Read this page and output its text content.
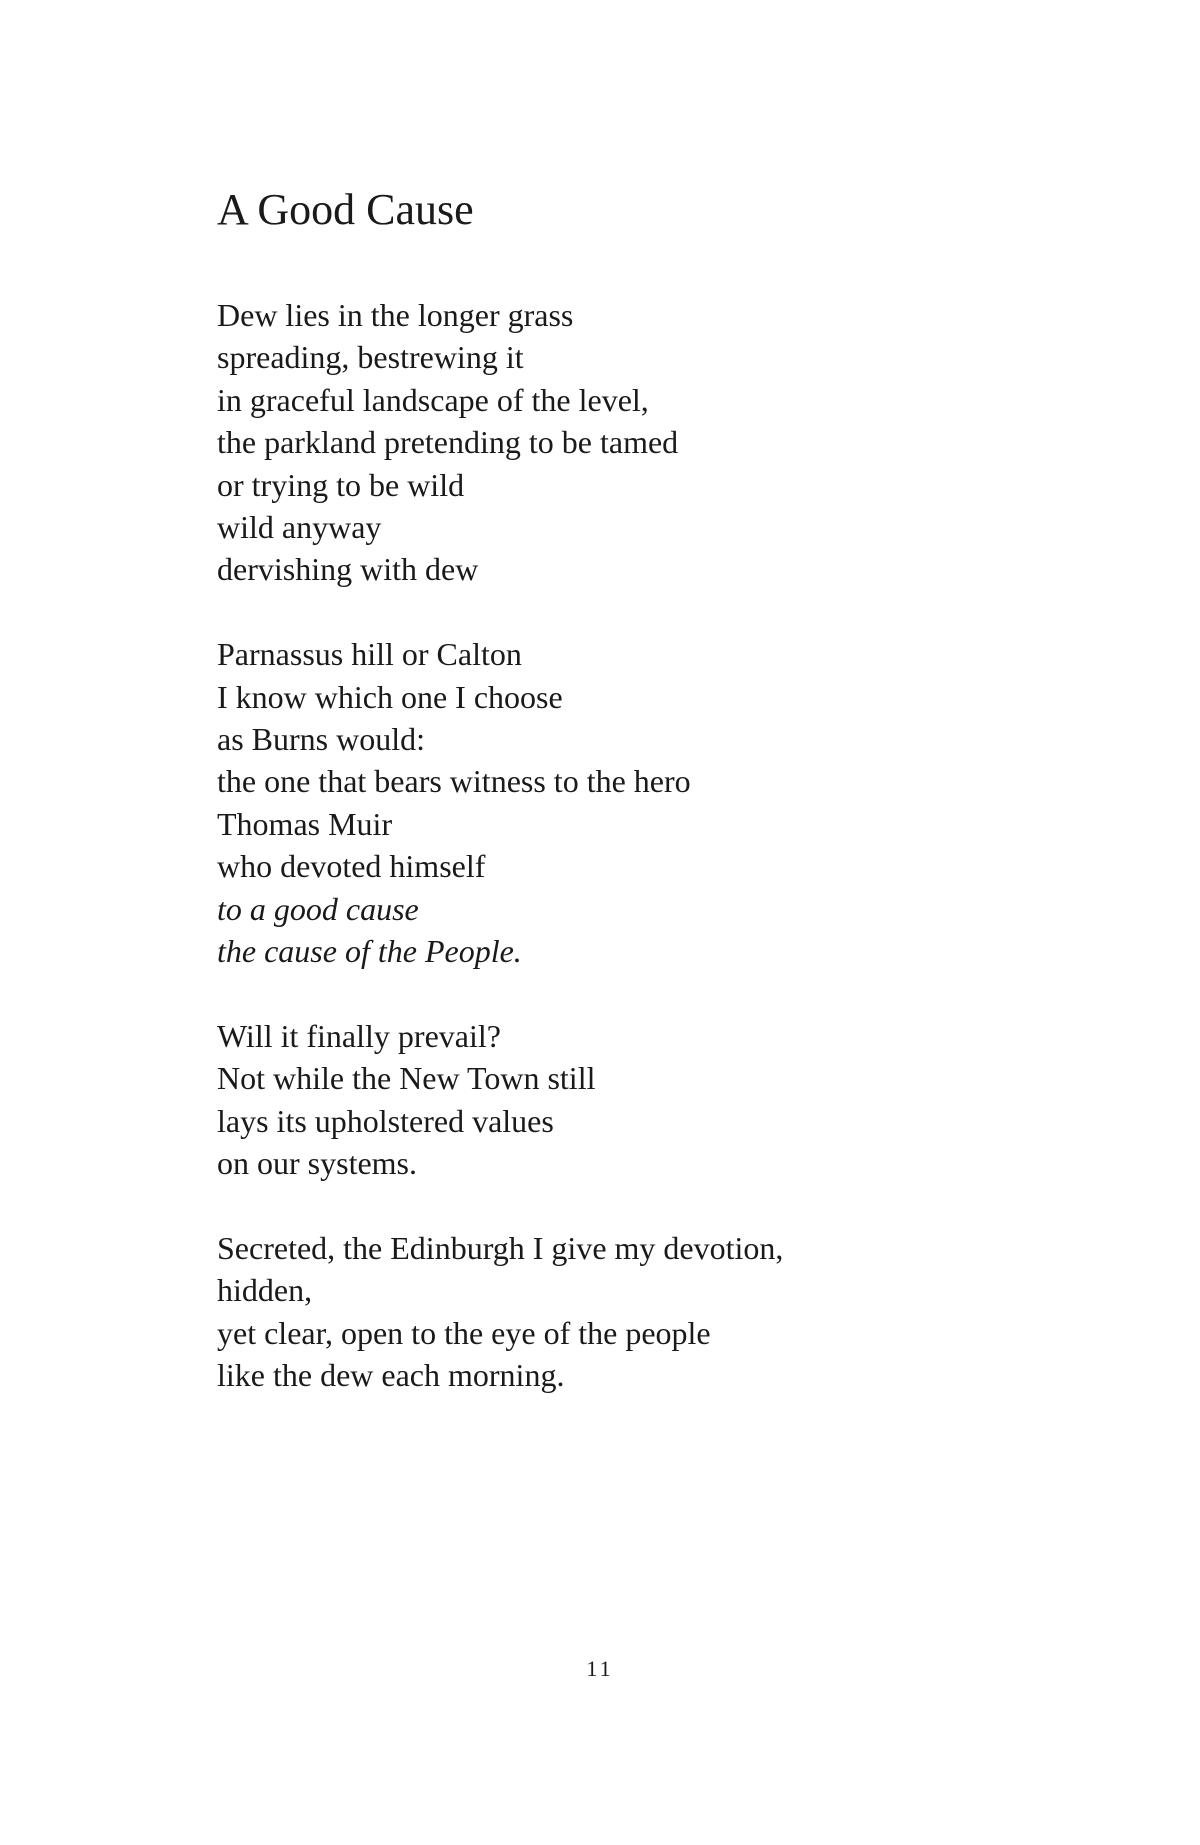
A Good Cause
Dew lies in the longer grass
spreading, bestrewing it
in graceful landscape of the level,
the parkland pretending to be tamed
or trying to be wild
wild anyway
dervishing with dew
Parnassus hill or Calton
I know which one I choose
as Burns would:
the one that bears witness to the hero
Thomas Muir
who devoted himself
to a good cause
the cause of the People.
Will it finally prevail?
Not while the New Town still
lays its upholstered values
on our systems.
Secreted, the Edinburgh I give my devotion,
hidden,
yet clear, open to the eye of the people
like the dew each morning.
11
